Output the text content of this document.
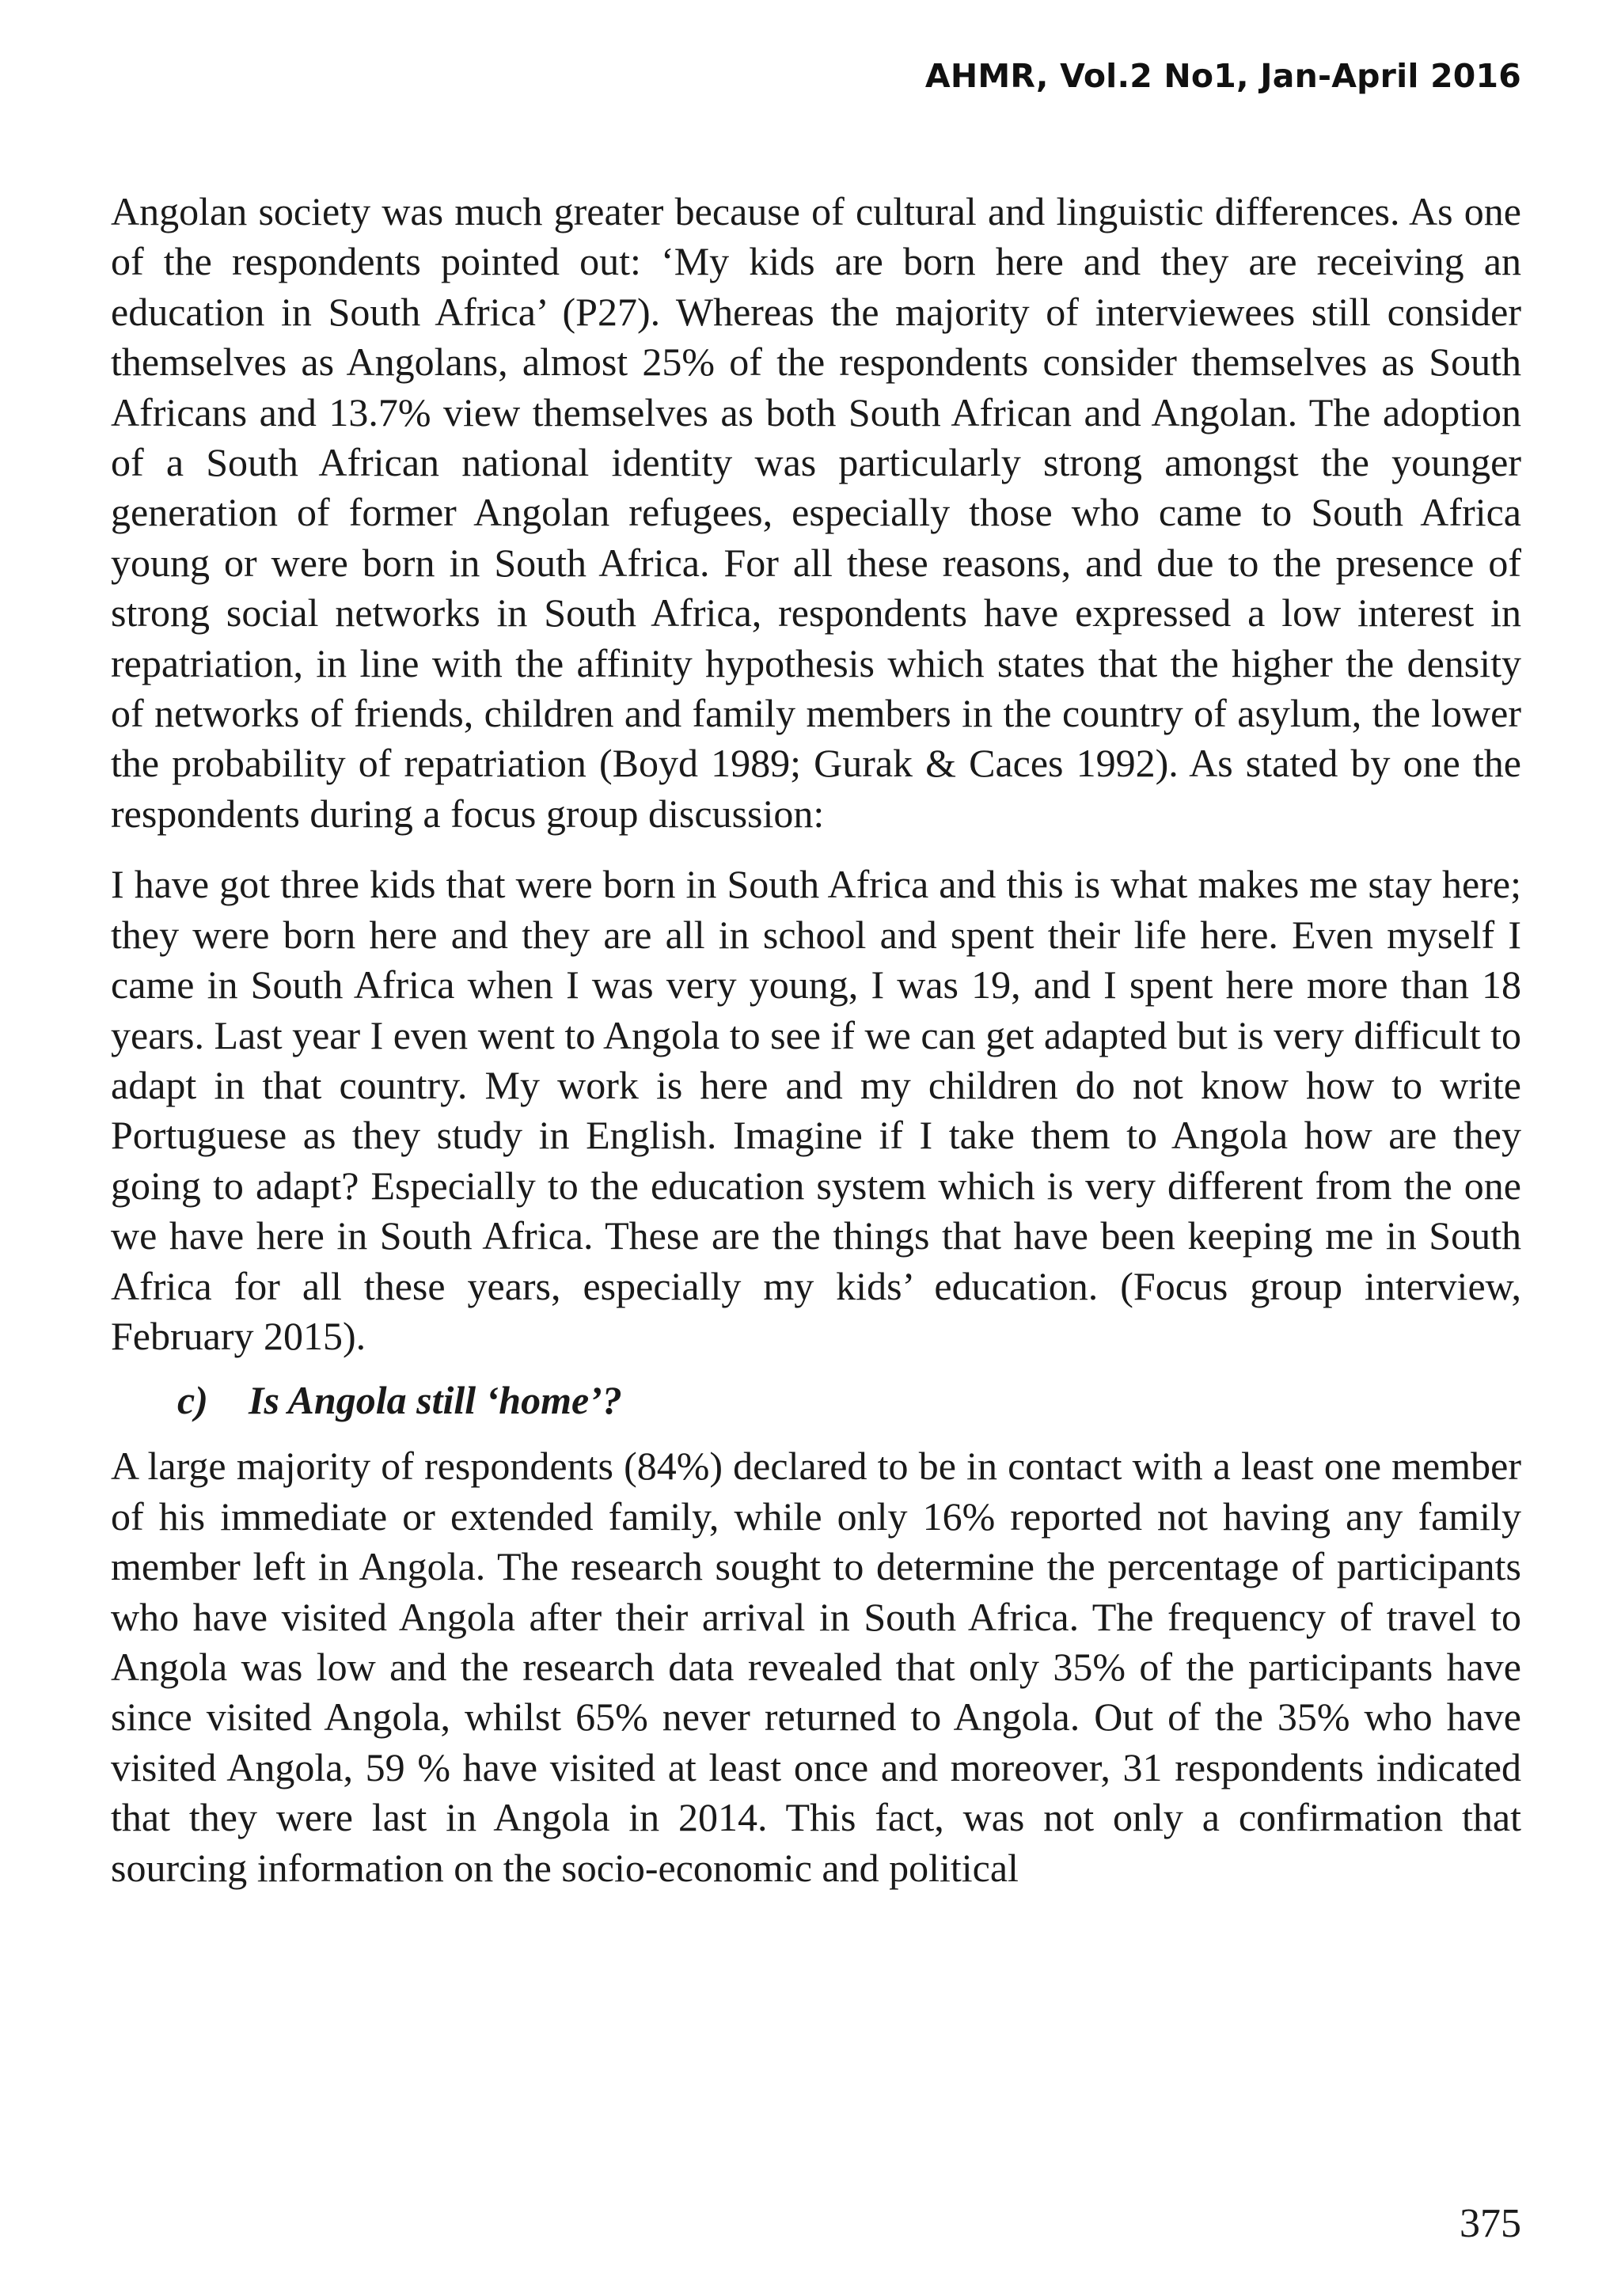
AHMR, Vol.2 No1, Jan-April 2016

Angolan society was much greater because of cultural and linguistic differences. As one of the respondents pointed out: ‘My kids are born here and they are receiving an education in South Africa’ (P27). Whereas the majority of interviewees still consider themselves as Angolans, almost 25% of the respondents consider themselves as South Africans and 13.7% view themselves as both South African and Angolan. The adoption of a South African national identity was particularly strong amongst the younger generation of former Angolan refugees, especially those who came to South Africa young or were born in South Africa. For all these reasons, and due to the presence of strong social networks in South Africa, respondents have expressed a low interest in repatriation, in line with the affinity hypothesis which states that the higher the density of networks of friends, children and family members in the country of asylum, the lower the probability of repatriation (Boyd 1989; Gurak & Caces 1992). As stated by one the respondents during a focus group discussion:

I have got three kids that were born in South Africa and this is what makes me stay here; they were born here and they are all in school and spent their life here. Even myself I came in South Africa when I was very young, I was 19, and I spent here more than 18 years. Last year I even went to Angola to see if we can get adapted but is very difficult to adapt in that country. My work is here and my children do not know how to write Portuguese as they study in English. Imagine if I take them to Angola how are they going to adapt? Especially to the education system which is very different from the one we have here in South Africa. These are the things that have been keeping me in South Africa for all these years, especially my kids’ education. (Focus group interview, February 2015).

c) Is Angola still ‘home’?

A large majority of respondents (84%) declared to be in contact with a least one member of his immediate or extended family, while only 16% reported not having any family member left in Angola. The research sought to determine the percentage of participants who have visited Angola after their arrival in South Africa. The frequency of travel to Angola was low and the research data revealed that only 35% of the participants have since visited Angola, whilst 65% never returned to Angola. Out of the 35% who have visited Angola, 59 % have visited at least once and moreover, 31 respondents indicated that they were last in Angola in 2014. This fact, was not only a confirmation that sourcing information on the socio-economic and political

375
